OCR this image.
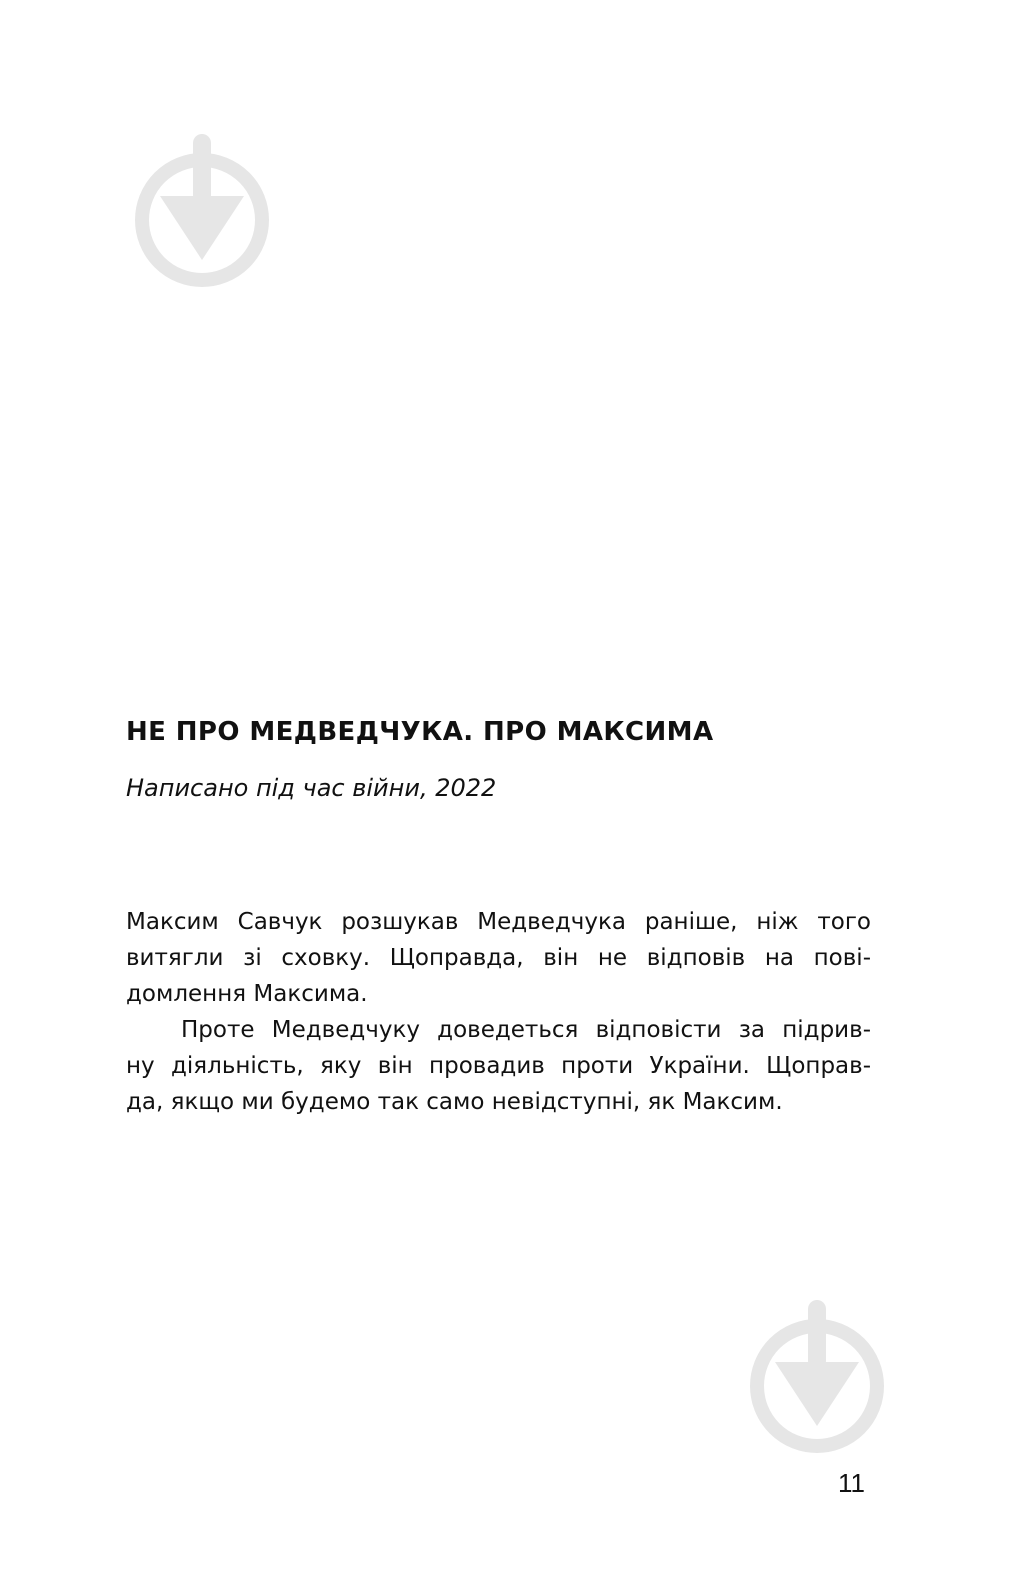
НЕ ПРО МЕДВЕДЧУКА. ПРО МАКСИМА

Написано під час війни, 2022

Максим Савчук розшукав Медведчука раніше, ніж того
витягли зі сховку. Щоправда, він не відповів на пові-
домлення Максима.
Проте Медведчуку доведеться відповісти за підрив-
ну діяльність, яку він провадив проти України. Щоправ-
да, якщо ми будемо так само невідступні, як Максим.
11
